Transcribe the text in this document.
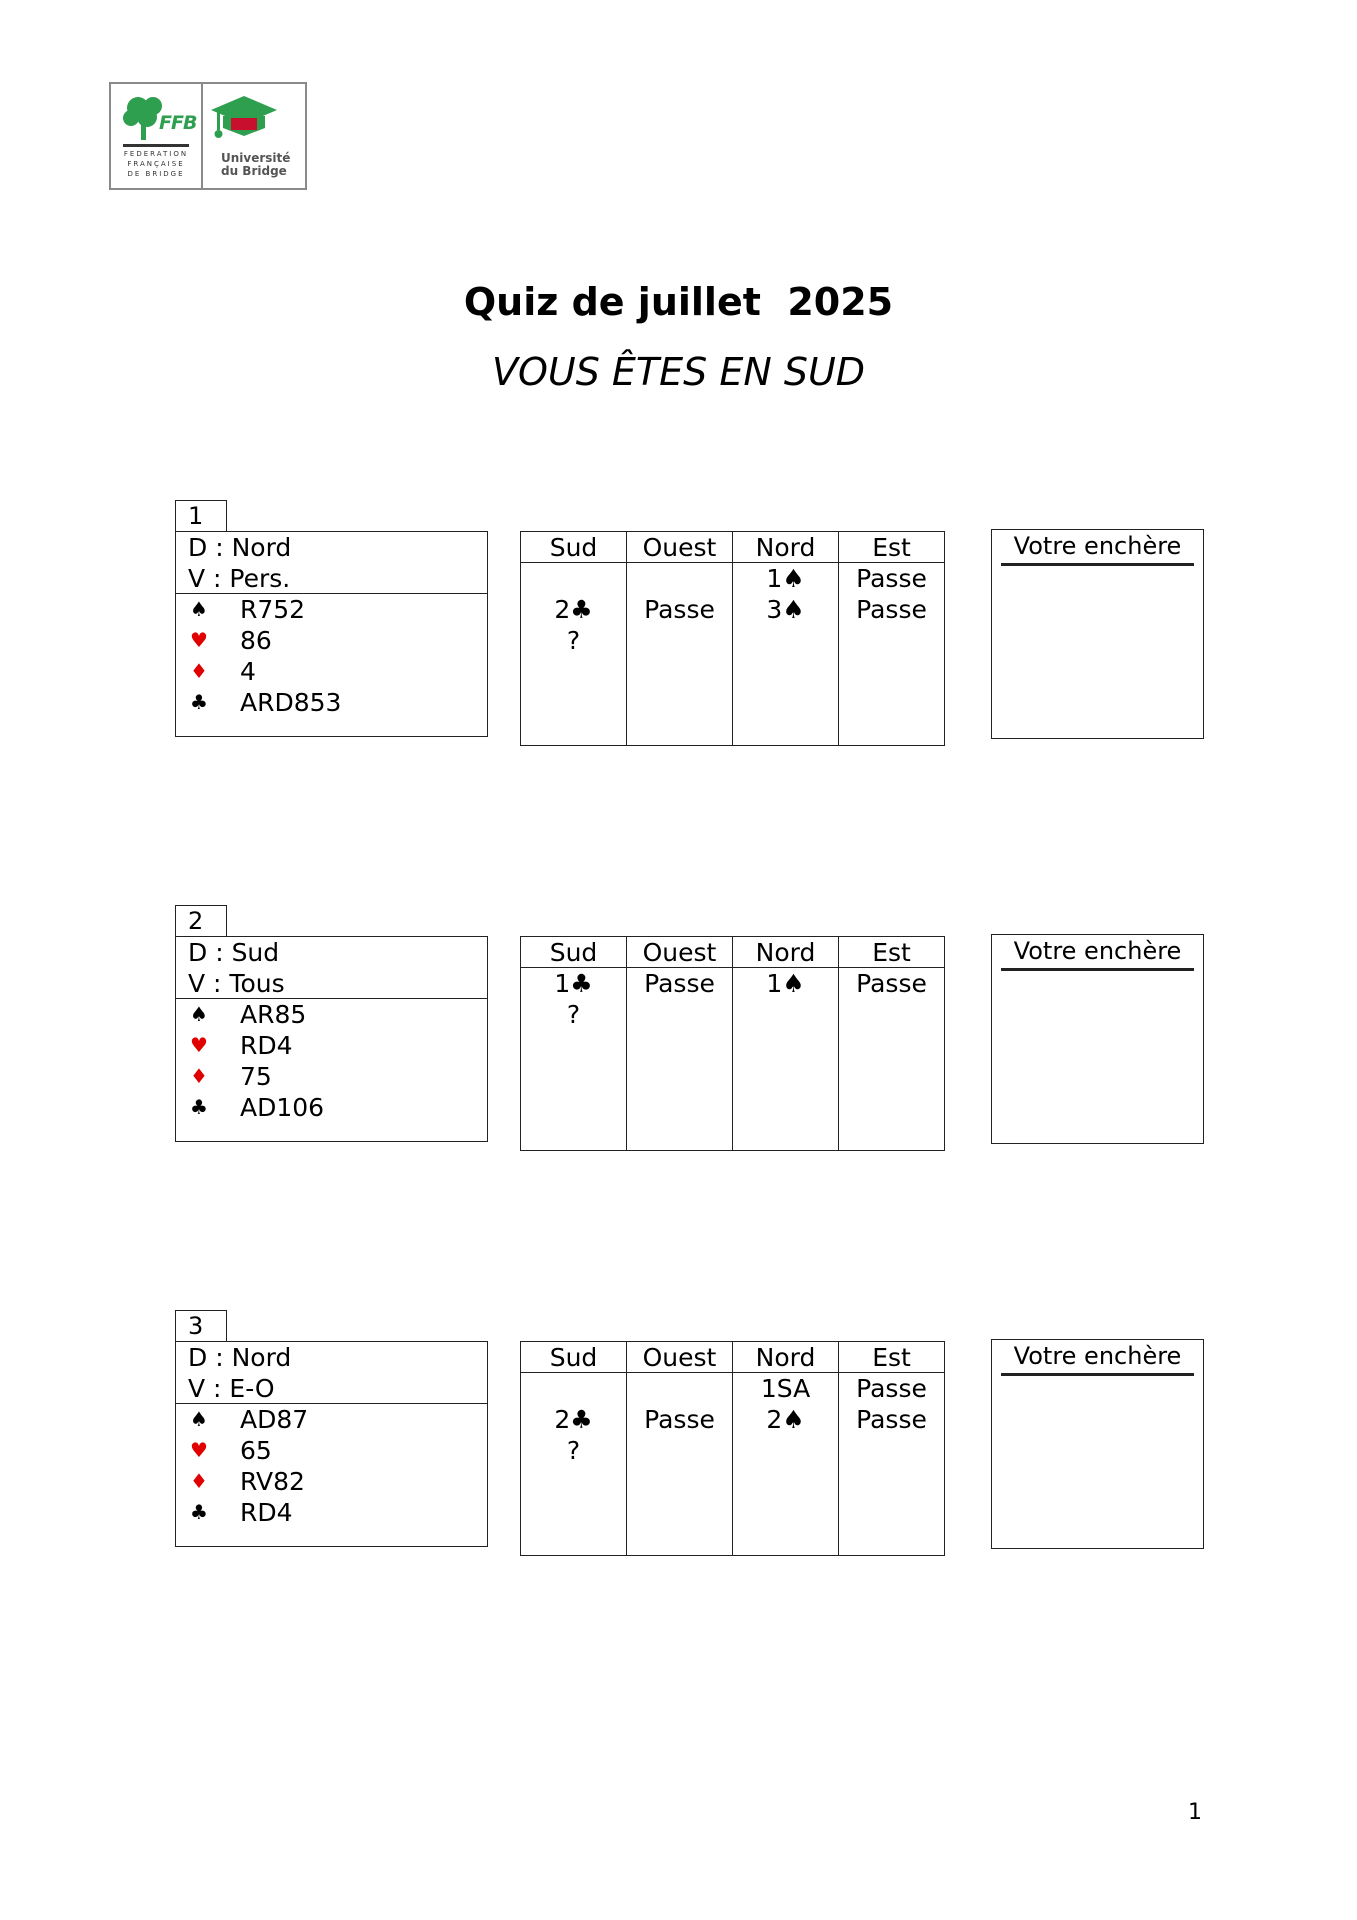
FFB
FEDERATION
FRANÇAISE
DE BRIDGE
Université
du Bridge
Quiz de juillet  2025
VOUS ÊTES EN SUD
1
D : Nord
V : Pers.
♠ R752
♥ 86
♦ 4
♣ ARD853
Sud
2♣
?
Ouest
Passe
Nord
1♠
3♠
Est
Passe
Passe
Votre enchère
2
D : Sud
V : Tous
♠ AR85
♥ RD4
♦ 75
♣ AD106
Sud
1♣
?
Ouest
Passe
Nord
1♠
Est
Passe
Votre enchère
3
D : Nord
V : E-O
♠ AD87
♥ 65
♦ RV82
♣ RD4
Sud
2♣
?
Ouest
Passe
Nord
1SA
2♠
Est
Passe
Passe
Votre enchère
1
